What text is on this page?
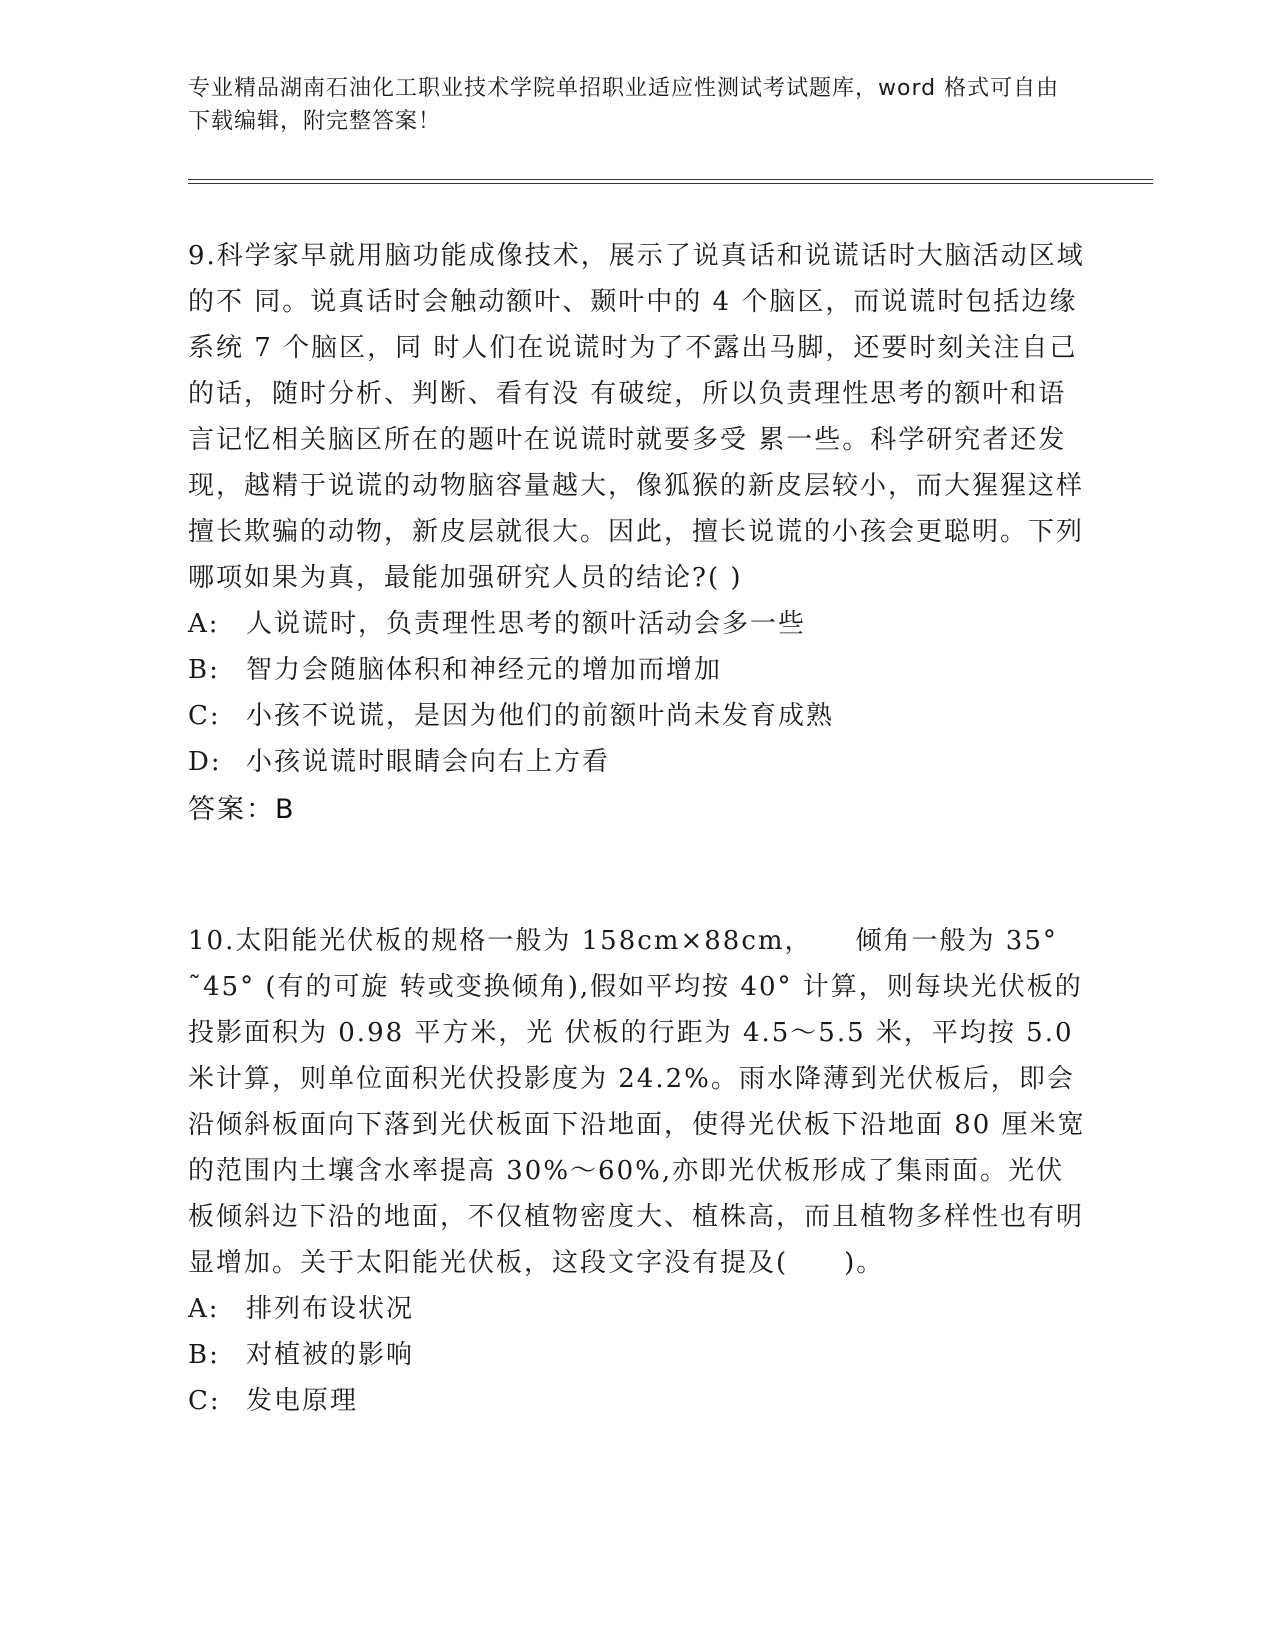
专业精品湖南石油化工职业技术学院单招职业适应性测试考试题库，word 格式可自由下载编辑，附完整答案！

9.科学家早就用脑功能成像技术，展示了说真话和说谎话时大脑活动区域的不 同。说真话时会触动额叶、颞叶中的 4 个脑区，而说谎时包括边缘系统 7 个脑区，同 时人们在说谎时为了不露出马脚，还要时刻关注自己的话，随时分析、判断、看有没 有破绽，所以负责理性思考的额叶和语言记忆相关脑区所在的题叶在说谎时就要多受 累一些。科学研究者还发现，越精于说谎的动物脑容量越大，像狐猴的新皮层较小，而大猩猩这样擅长欺骗的动物，新皮层就很大。因此，擅长说谎的小孩会更聪明。下列哪项如果为真，最能加强研究人员的结论?( )

A:	人说谎时，负责理性思考的额叶活动会多一些
B:	智力会随脑体积和神经元的增加而增加
C: 小孩不说谎，是因为他们的前额叶尚未发育成熟
D: 小孩说谎时眼睛会向右上方看
答案：B

10.太阳能光伏板的规格一般为 158cm×88cm，　　倾角一般为 35° ˜45° (有的可旋 转或变换倾角),假如平均按 40° 计算，则每块光伏板的投影面积为 0.98 平方米，光 伏板的行距为 4.5～5.5 米，平均按 5.0 米计算，则单位面积光伏投影度为 24.2%。雨水降薄到光伏板后，即会沿倾斜板面向下落到光伏板面下沿地面，使得光伏板下沿地面 80 厘米宽的范围内土壤含水率提高 30%～60%,亦即光伏板形成了集雨面。光伏板倾斜边下沿的地面，不仅植物密度大、植株高，而且植物多样性也有明显增加。关于太阳能光伏板，这段文字没有提及(　　)。

A:	排列布设状况
B:	对植被的影响
C: 发电原理
